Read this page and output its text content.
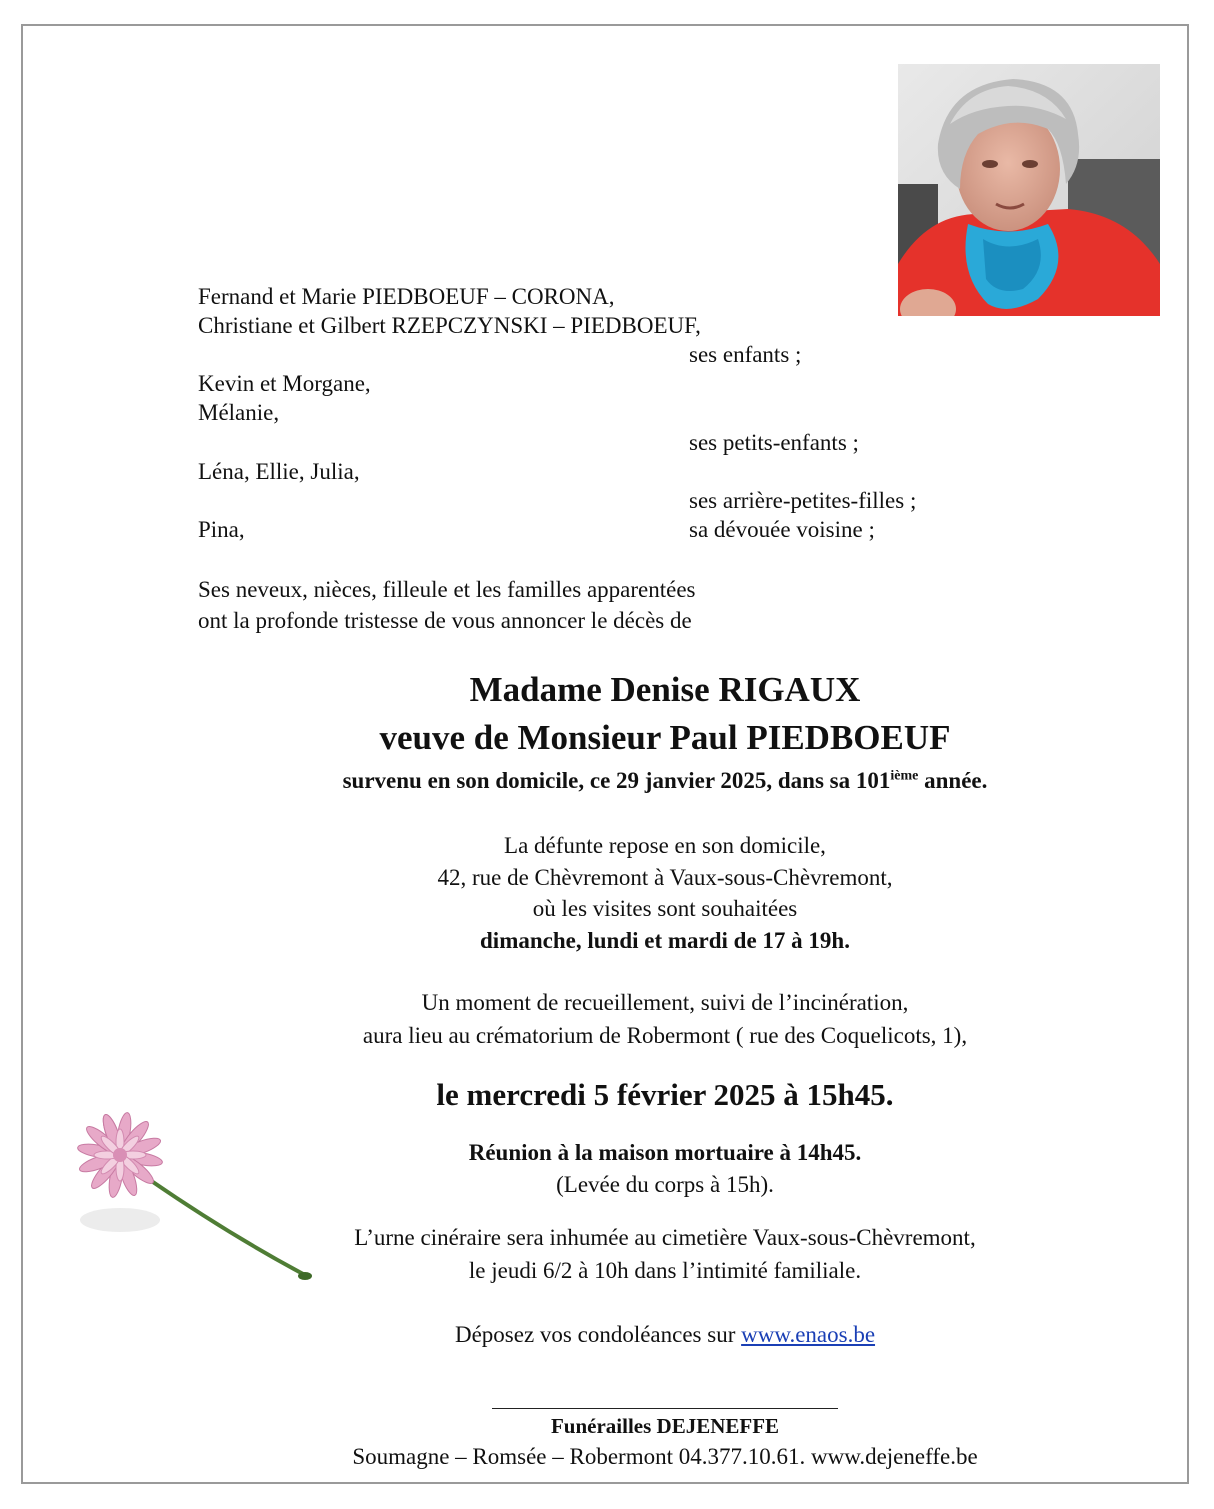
Fernand et Marie PIEDBOEUF – CORONA,
Christiane et Gilbert RZEPCZYNSKI – PIEDBOEUF,
ses enfants ;
Kevin et Morgane,
Mélanie,
ses petits-enfants ;
Léna, Ellie, Julia,
ses arrière-petites-filles ;
Pina,	sa dévouée voisine ;
Ses neveux, nièces, filleule et les familles apparentées
ont la profonde tristesse de vous annoncer le décès de
Madame Denise RIGAUX
veuve de Monsieur Paul PIEDBOEUF
survenu en son domicile, ce 29 janvier 2025, dans sa 101ième année.
La défunte repose en son domicile,
42, rue de Chèvremont à Vaux-sous-Chèvremont,
où les visites sont souhaitées
dimanche, lundi et mardi de 17 à 19h.
Un moment de recueillement, suivi de l’incinération,
aura lieu au crématorium de Robermont ( rue des Coquelicots, 1),
le mercredi 5 février 2025 à 15h45.
Réunion à la maison mortuaire à 14h45.
(Levée du corps à 15h).
L’urne cinéraire sera inhumée au cimetière Vaux-sous-Chèvremont,
le jeudi 6/2 à 10h dans l’intimité familiale.
Déposez vos condoléances sur www.enaos.be
Funérailles DEJENEFFE
Soumagne – Romsée – Robermont 04.377.10.61. www.dejeneffe.be
